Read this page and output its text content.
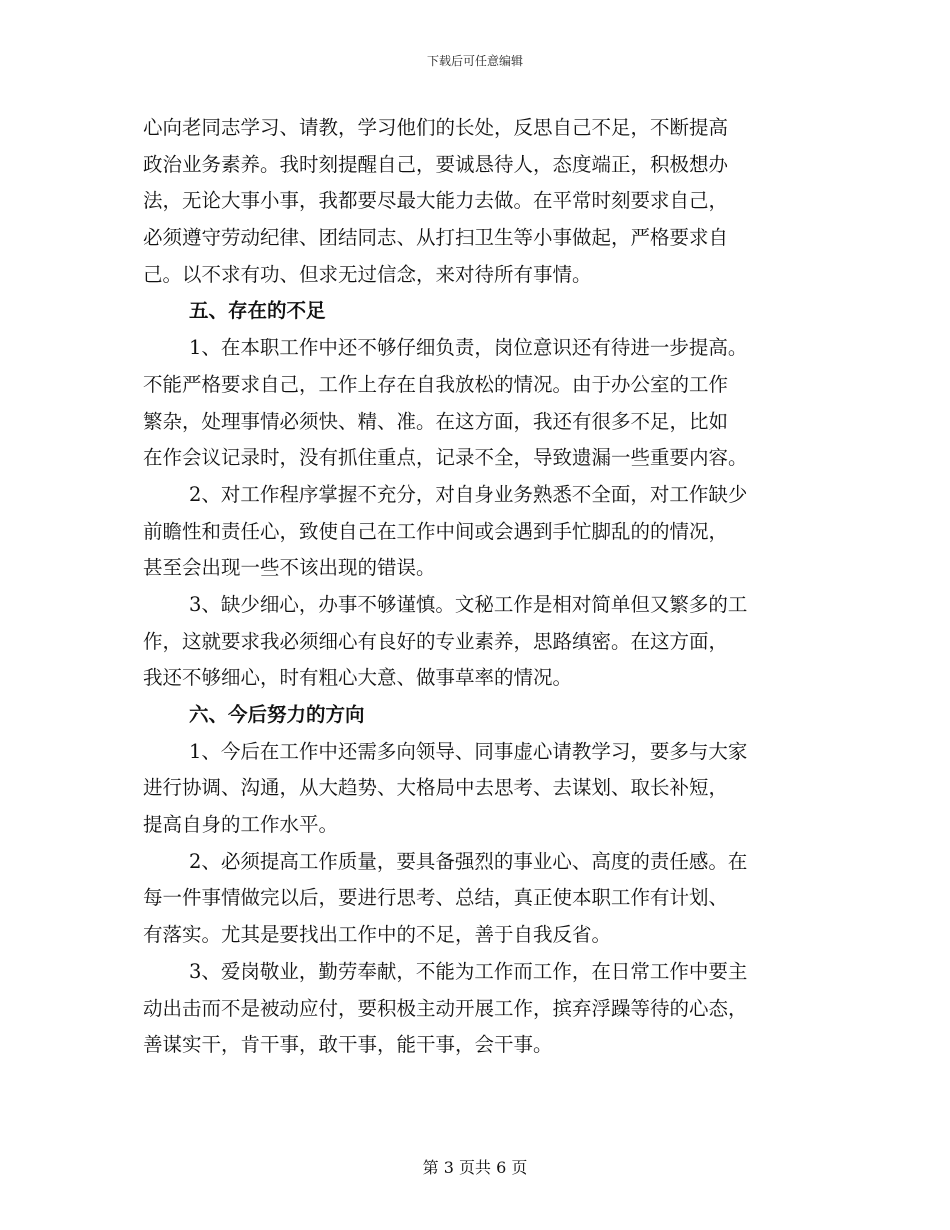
下载后可任意编辑
心向老同志学习、请教，学习他们的长处，反思自己不足，不断提高
政治业务素养。我时刻提醒自己，要诚恳待人，态度端正，积极想办
法，无论大事小事，我都要尽最大能力去做。在平常时刻要求自己，
必须遵守劳动纪律、团结同志、从打扫卫生等小事做起，严格要求自
己。以不求有功、但求无过信念，来对待所有事情。
五、存在的不足
1、在本职工作中还不够仔细负责，岗位意识还有待进一步提高。
不能严格要求自己，工作上存在自我放松的情况。由于办公室的工作
繁杂，处理事情必须快、精、准。在这方面，我还有很多不足，比如
在作会议记录时，没有抓住重点，记录不全，导致遗漏一些重要内容。
2、对工作程序掌握不充分，对自身业务熟悉不全面，对工作缺少
前瞻性和责任心，致使自己在工作中间或会遇到手忙脚乱的的情况，
甚至会出现一些不该出现的错误。
3、缺少细心，办事不够谨慎。文秘工作是相对简单但又繁多的工
作，这就要求我必须细心有良好的专业素养，思路缜密。在这方面，
我还不够细心，时有粗心大意、做事草率的情况。
六、今后努力的方向
1、今后在工作中还需多向领导、同事虚心请教学习，要多与大家
进行协调、沟通，从大趋势、大格局中去思考、去谋划、取长补短，
提高自身的工作水平。
2、必须提高工作质量，要具备强烈的事业心、高度的责任感。在
每一件事情做完以后，要进行思考、总结，真正使本职工作有计划、
有落实。尤其是要找出工作中的不足，善于自我反省。
3、爱岗敬业，勤劳奉献，不能为工作而工作，在日常工作中要主
动出击而不是被动应付，要积极主动开展工作，摈弃浮躁等待的心态，
善谋实干，肯干事，敢干事，能干事，会干事。
第 3 页共 6 页
